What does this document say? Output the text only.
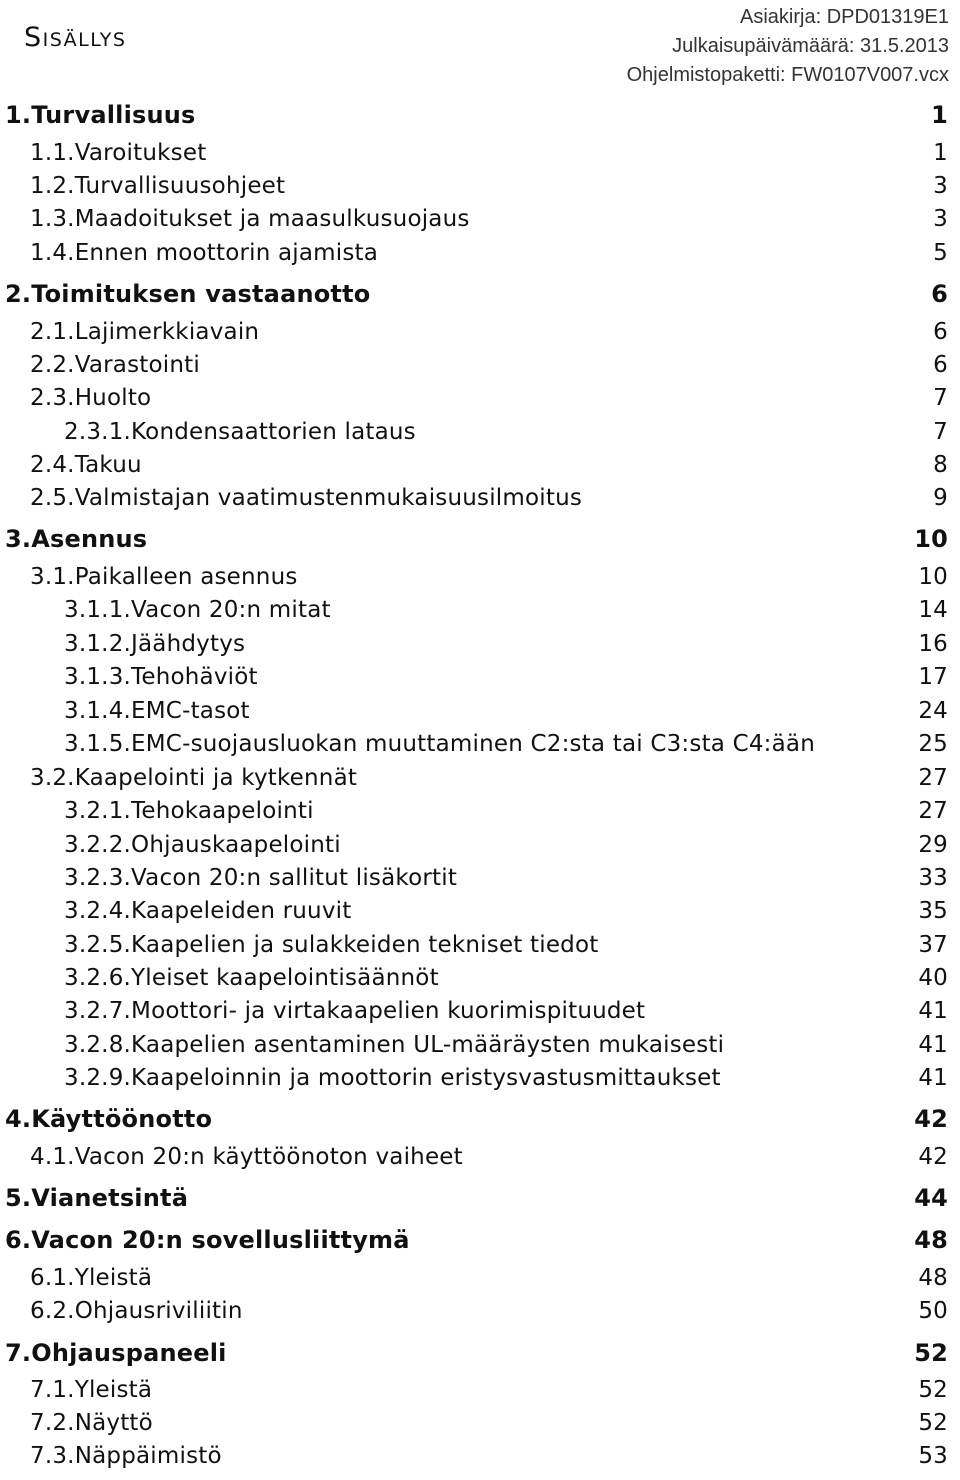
Sisällys
Asiakirja: DPD01319E1
Julkaisupäivämäärä: 31.5.2013
Ohjelmistopaketti: FW0107V007.vcx
1.Turvallisuus	1
1.1.Varoitukset	1
1.2.Turvallisuusohjeet	3
1.3.Maadoitukset ja maasulkusuojaus	3
1.4.Ennen moottorin ajamista	5
2.Toimituksen vastaanotto	6
2.1.Lajimerkkiavain	6
2.2.Varastointi	6
2.3.Huolto	7
2.3.1.Kondensaattorien lataus	7
2.4.Takuu	8
2.5.Valmistajan vaatimustenmukaisuusilmoitus	9
3.Asennus	10
3.1.Paikalleen asennus	10
3.1.1.Vacon 20:n mitat	14
3.1.2.Jäähdytys	16
3.1.3.Tehohäviöt	17
3.1.4.EMC-tasot	24
3.1.5.EMC-suojausluokan muuttaminen C2:sta tai C3:sta C4:ään	25
3.2.Kaapelointi ja kytkennät	27
3.2.1.Tehokaapelointi	27
3.2.2.Ohjauskaapelointi	29
3.2.3.Vacon 20:n sallitut lisäkortit	33
3.2.4.Kaapeleiden ruuvit	35
3.2.5.Kaapelien ja sulakkeiden tekniset tiedot	37
3.2.6.Yleiset kaapelointisäännöt	40
3.2.7.Moottori- ja virtakaapelien kuorimispituudet	41
3.2.8.Kaapelien asentaminen UL-määräysten mukaisesti	41
3.2.9.Kaapeloinnin ja moottorin eristysvastusmittaukset	41
4.Käyttöönotto	42
4.1.Vacon 20:n käyttöönoton vaiheet	42
5.Vianetsintä	44
6.Vacon 20:n sovellusliittymä	48
6.1.Yleistä	48
6.2.Ohjausriviliitin	50
7.Ohjauspaneeli	52
7.1.Yleistä	52
7.2.Näyttö	52
7.3.Näppäimistö	53
